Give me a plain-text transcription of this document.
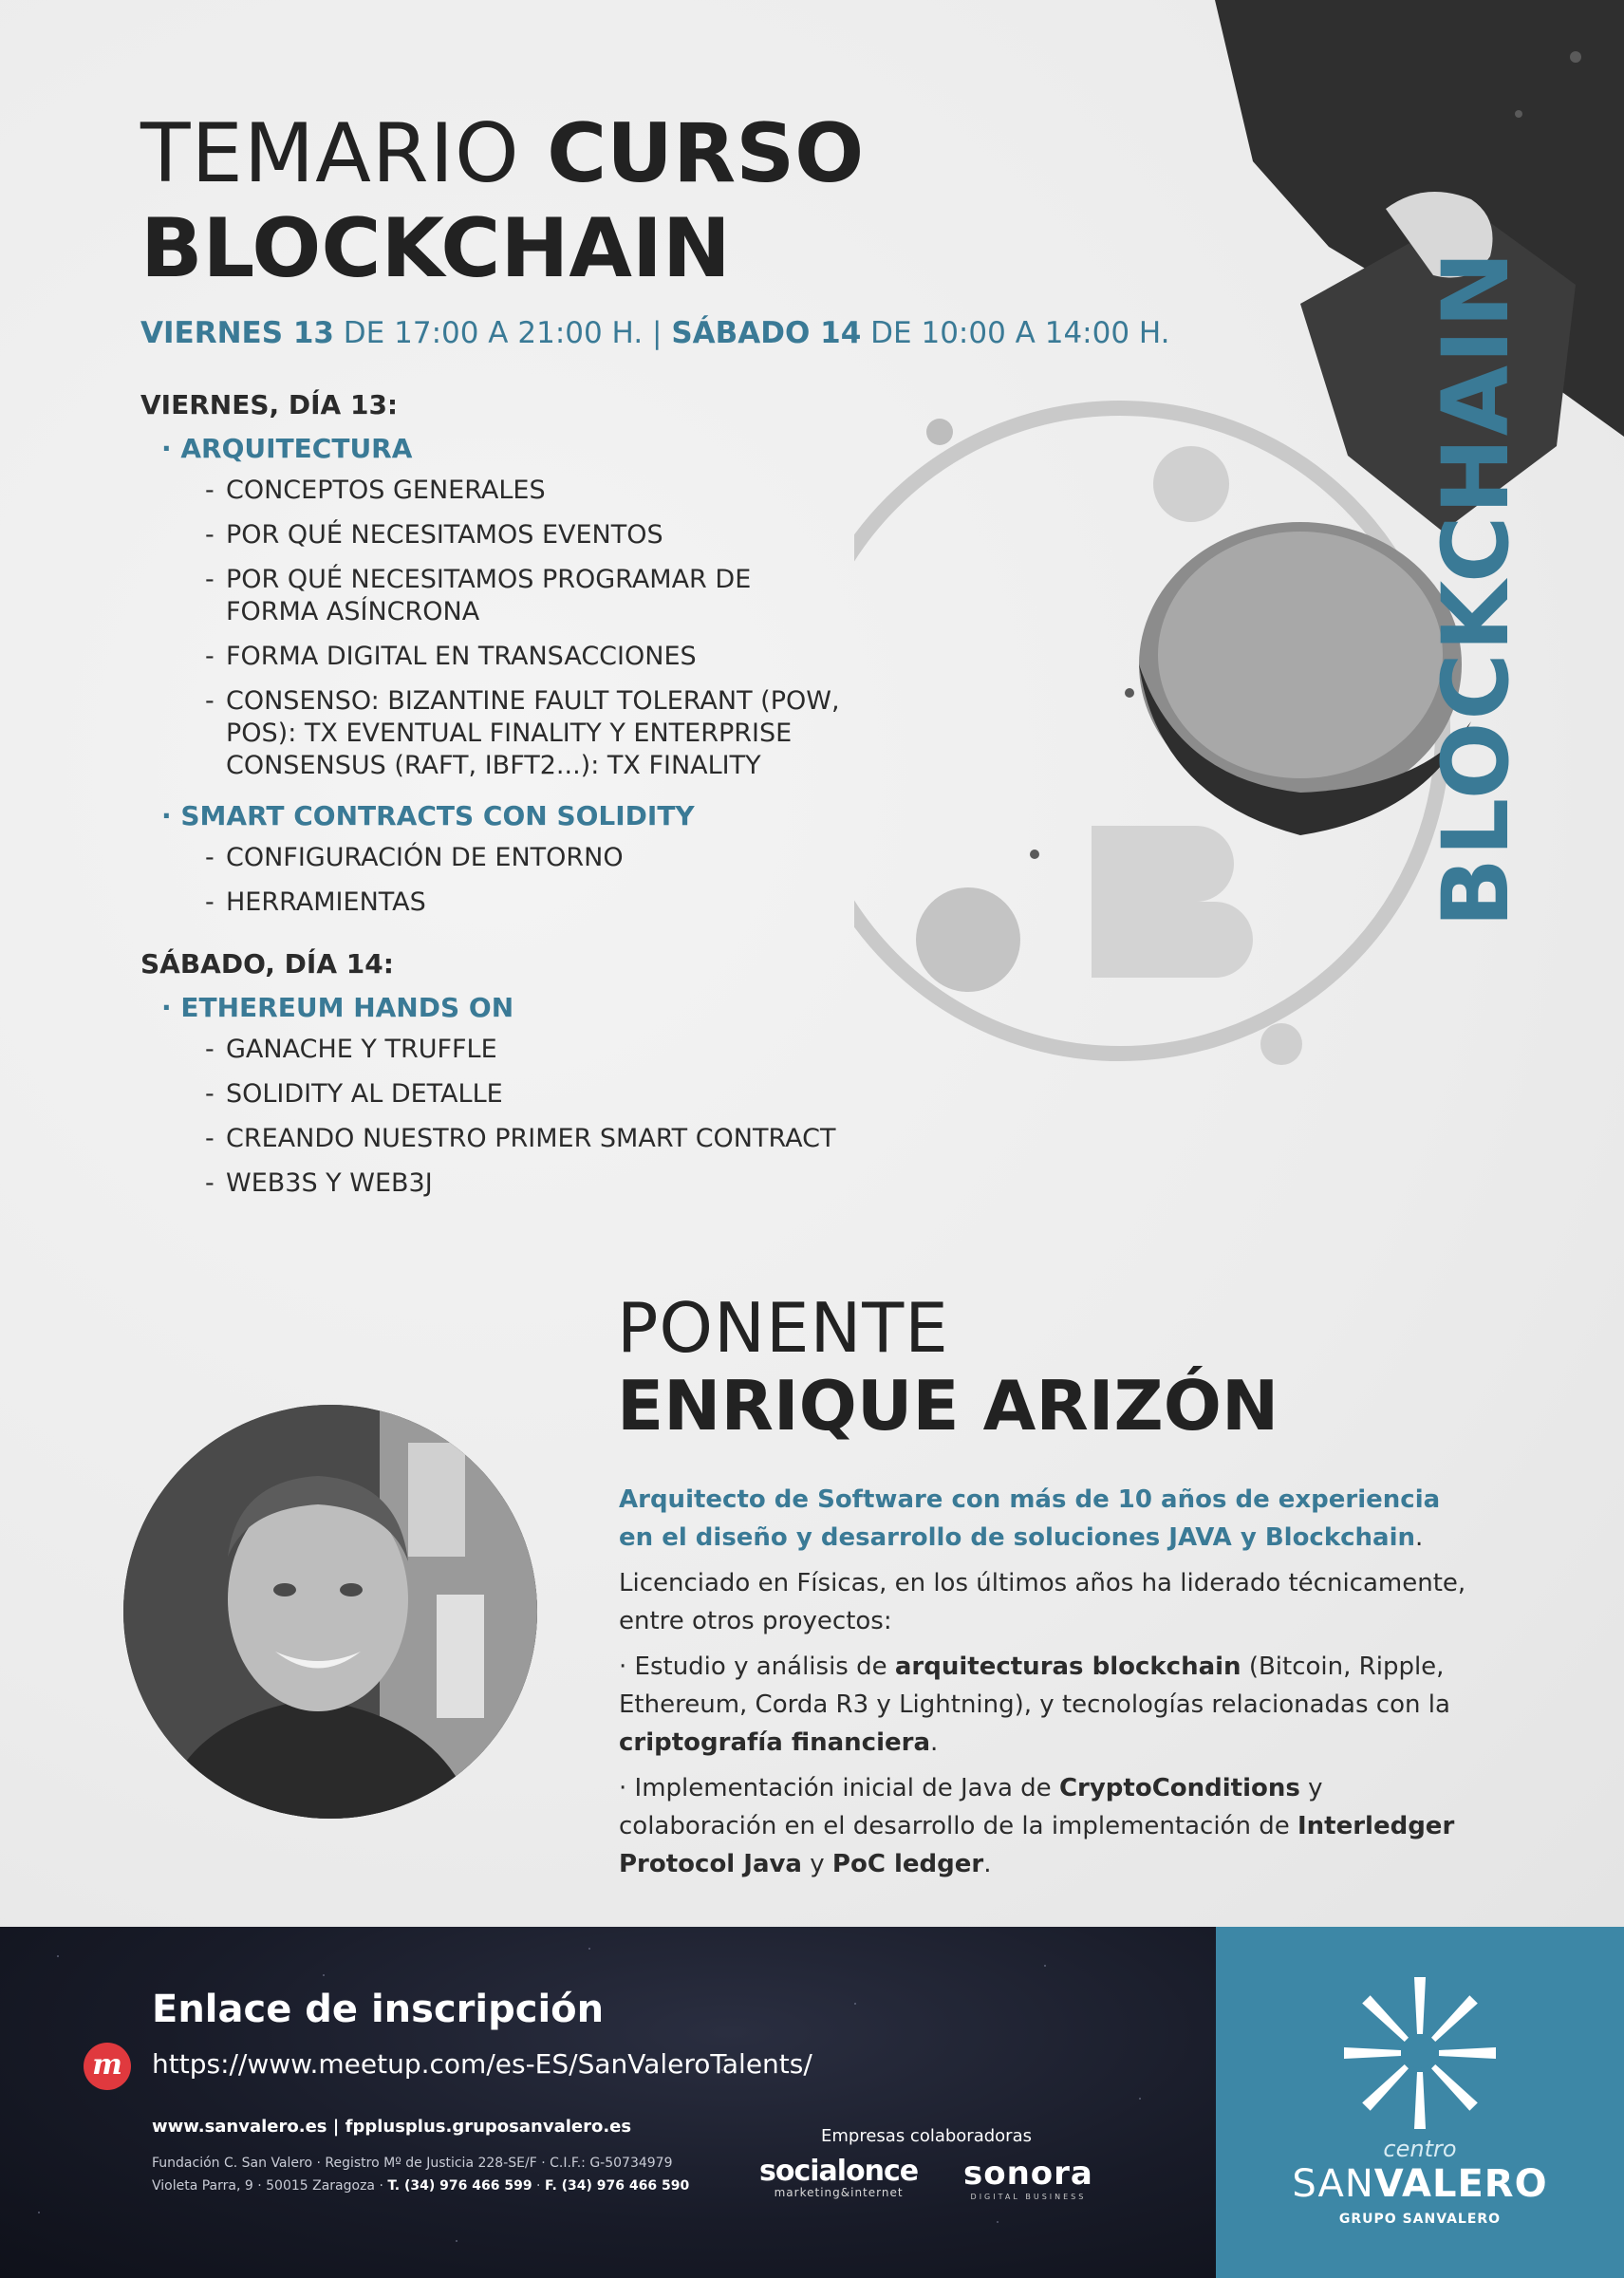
BLOCKCHAIN
TEMARIO CURSO
BLOCKCHAIN
VIERNES 13 DE 17:00 A 21:00 H. | SÁBADO 14 DE 10:00 A 14:00 H.
VIERNES, DÍA 13:
· ARQUITECTURA
- CONCEPTOS GENERALES
- POR QUÉ NECESITAMOS EVENTOS
- POR QUÉ NECESITAMOS PROGRAMAR DE FORMA ASÍNCRONA
- FORMA DIGITAL EN TRANSACCIONES
- CONSENSO: BIZANTINE FAULT TOLERANT (POW, POS): TX EVENTUAL FINALITY Y ENTERPRISE CONSENSUS (RAFT, IBFT2...): TX FINALITY
· SMART CONTRACTS CON SOLIDITY
- CONFIGURACIÓN DE ENTORNO
- HERRAMIENTAS
SÁBADO, DÍA 14:
· ETHEREUM HANDS ON
- GANACHE Y TRUFFLE
- SOLIDITY AL DETALLE
- CREANDO NUESTRO PRIMER SMART CONTRACT
- WEB3S Y WEB3J
PONENTE
ENRIQUE ARIZÓN

Arquitecto de Software con más de 10 años de experiencia en el diseño y desarrollo de soluciones JAVA y Blockchain.

Licenciado en Físicas, en los últimos años ha liderado técnicamente, entre otros proyectos:

· Estudio y análisis de arquitecturas blockchain (Bitcoin, Ripple, Ethereum, Corda R3 y Lightning), y tecnologías relacionadas con la criptografía financiera.

· Implementación inicial de Java de CryptoConditions y colaboración en el desarrollo de la implementación de Interledger Protocol Java y PoC ledger.

Enlace de inscripción
m	https://www.meetup.com/es-ES/SanValeroTalents/
www.sanvalero.es | fpplusplus.gruposanvalero.es
Fundación C. San Valero · Registro Mº de Justicia 228-SE/F · C.I.F.: G-50734979
Violeta Parra, 9 · 50015 Zaragoza · T. (34) 976 466 599 · F. (34) 976 466 590
Empresas colaboradoras
socialonce
marketing&internet	sonora
DIGITAL BUSINESS
centro
SANVALERO
GRUPO SANVALERO
